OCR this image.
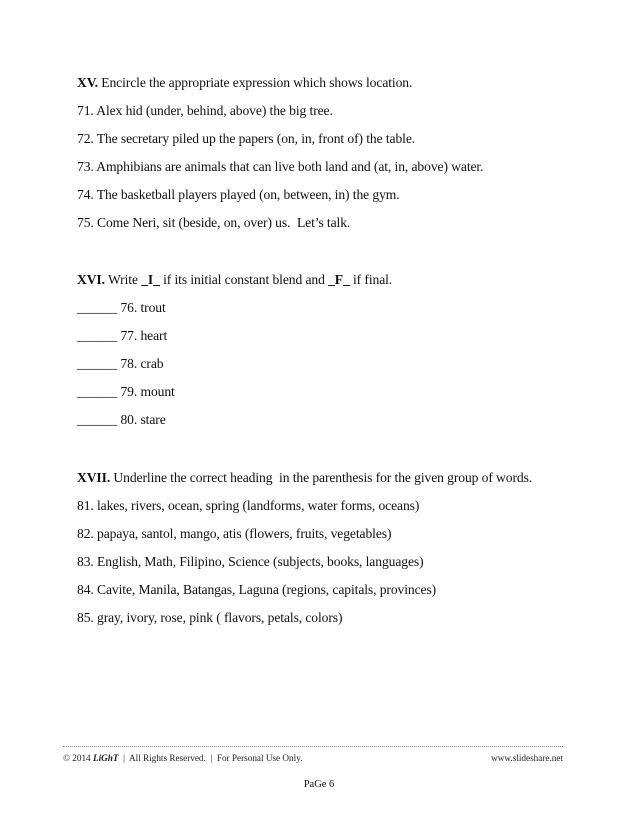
XV. Encircle the appropriate expression which shows location.
71. Alex hid (under, behind, above) the big tree.
72. The secretary piled up the papers (on, in, front of) the table.
73. Amphibians are animals that can live both land and (at, in, above) water.
74. The basketball players played (on, between, in) the gym.
75. Come Neri, sit (beside, on, over) us.  Let’s talk.
XVI. Write _I_ if its initial constant blend and _F_ if final.
______ 76. trout
______ 77. heart
______ 78. crab
______ 79. mount
______ 80. stare
XVII. Underline the correct heading  in the parenthesis for the given group of words.
81. lakes, rivers, ocean, spring (landforms, water forms, oceans)
82. papaya, santol, mango, atis (flowers, fruits, vegetables)
83. English, Math, Filipino, Science (subjects, books, languages)
84. Cavite, Manila, Batangas, Laguna (regions, capitals, provinces)
85. gray, ivory, rose, pink ( flavors, petals, colors)
© 2014 LiGhT  |  All Rights Reserved.  |  For Personal Use Only.	www.slideshare.net
PaGe 6
